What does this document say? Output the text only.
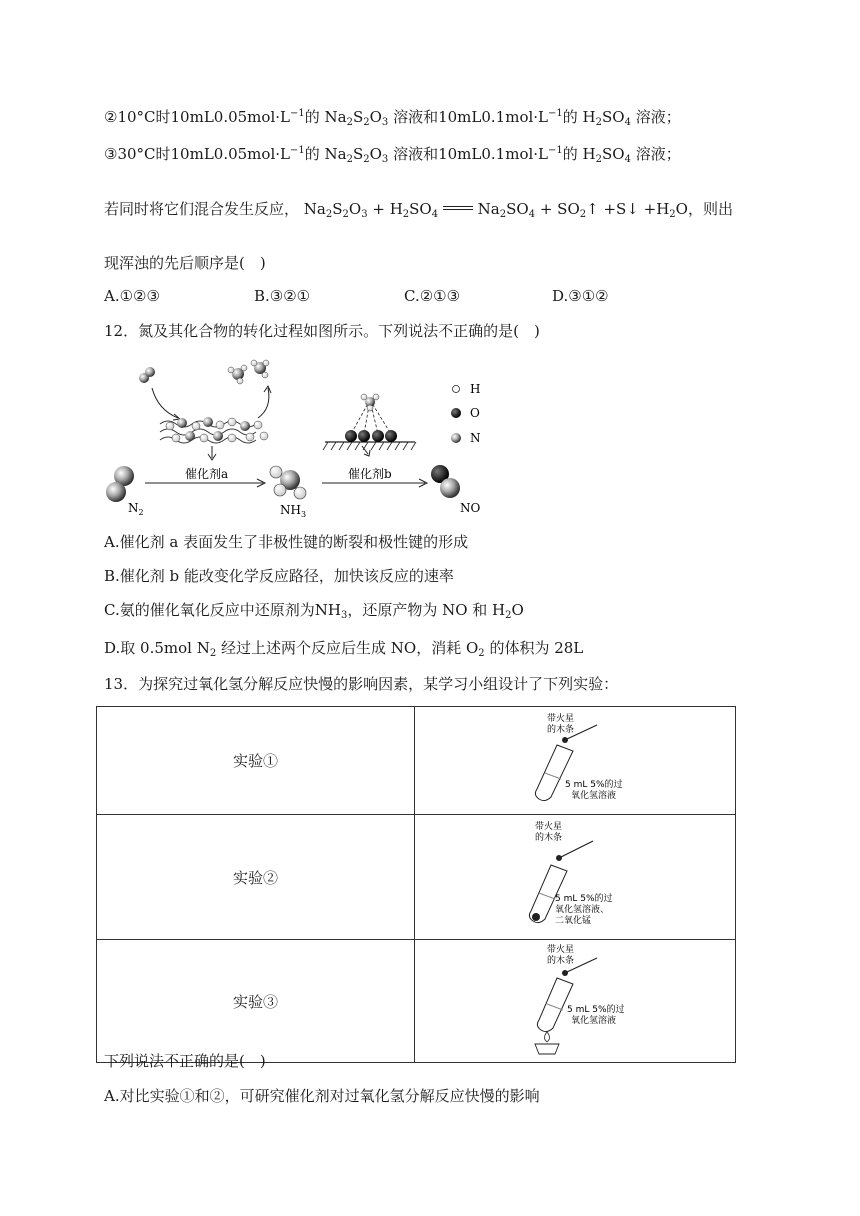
②10°C时$10mL0.05mol\cdot L^{-1}$的 $Na_2S_2O_3$ 溶液和$10mL0.1mol\cdot L^{-1}$的 $H_2SO_4$ 溶液；
③30°C时$10mL0.05mol\cdot L^{-1}$的 $Na_2S_2O_3$ 溶液和$10mL0.1mol\cdot L^{-1}$的 $H_2SO_4$ 溶液；
若同时将它们混合发生反应， $Na_2S_2O_3 + H_2SO_4$  $Na_2SO_4$ + $SO_2↑$ +S↓ $+H_2O$，则出
现浑浊的先后顺序是(　)
A.①②③	B.③②①	C.②①③	D.③①②
12．氮及其化合物的转化过程如图所示。下列说法不正确的是(　)
H
O
N
催化剂a	催化剂b
$N_2$	$NH_3$	NO
A.催化剂 a 表面发生了非极性键的断裂和极性键的形成
B.催化剂 b 能改变化学反应路径，加快该反应的速率
C.氨的催化氧化反应中还原剂为$NH_3$，还原产物为 NO 和 $H_2O$
D.取 0.5mol $N_2$ 经过上述两个反应后生成 NO，消耗 $O_2$ 的体积为 28L
13．为探究过氧化氢分解反应快慢的影响因素，某学习小组设计了下列实验：
实验①	带火星的木条
5 mL 5%的过氧化氢溶液

实验②	带火星的木条
5 mL 5%的过氧化氢溶液、二氧化锰

实验③	带火星的木条
5 mL 5%的过氧化氢溶液
下列说法不正确的是(　)
A.对比实验①和②，可研究催化剂对过氧化氢分解反应快慢的影响
